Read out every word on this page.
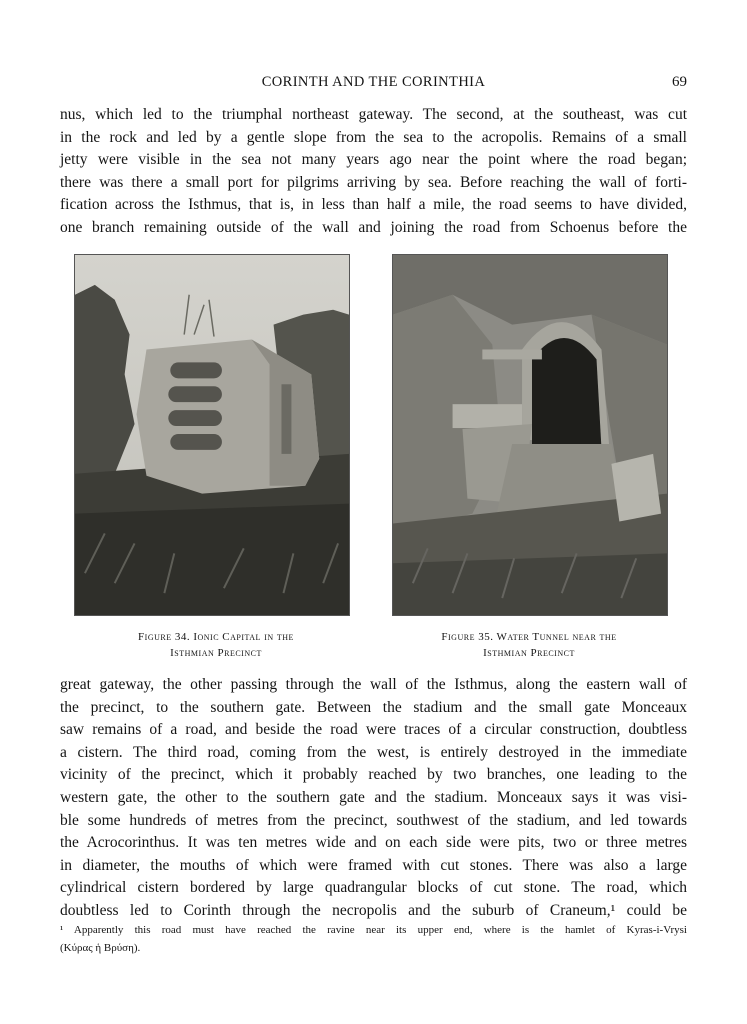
CORINTH AND THE CORINTHIA	69

nus, which led to the triumphal northeast gateway. The second, at the southeast, was cut
in the rock and led by a gentle slope from the sea to the acropolis. Remains of a small
jetty were visible in the sea not many years ago near the point where the road began;
there was there a small port for pilgrims arriving by sea. Before reaching the wall of forti-
fication across the Isthmus, that is, in less than half a mile, the road seems to have divided,
one branch remaining outside of the wall and joining the road from Schoenus before the

Figure 34. Ionic Capital in the
Isthmian Precinct
Figure 35. Water Tunnel near the
Isthmian Precinct

great gateway, the other passing through the wall of the Isthmus, along the eastern wall of
the precinct, to the southern gate. Between the stadium and the small gate Monceaux
saw remains of a road, and beside the road were traces of a circular construction, doubtless
a cistern. The third road, coming from the west, is entirely destroyed in the immediate
vicinity of the precinct, which it probably reached by two branches, one leading to the
western gate, the other to the southern gate and the stadium. Monceaux says it was visi-
ble some hundreds of metres from the precinct, southwest of the stadium, and led towards
the Acrocorinthus. It was ten metres wide and on each side were pits, two or three metres
in diameter, the mouths of which were framed with cut stones. There was also a large
cylindrical cistern bordered by large quadrangular blocks of cut stone. The road, which
doubtless led to Corinth through the necropolis and the suburb of Craneum,¹ could be

¹ Apparently this road must have reached the ravine near its upper end, where is the hamlet of Kyras-i-Vrysi
(Κύρας ἡ Βρύση).
